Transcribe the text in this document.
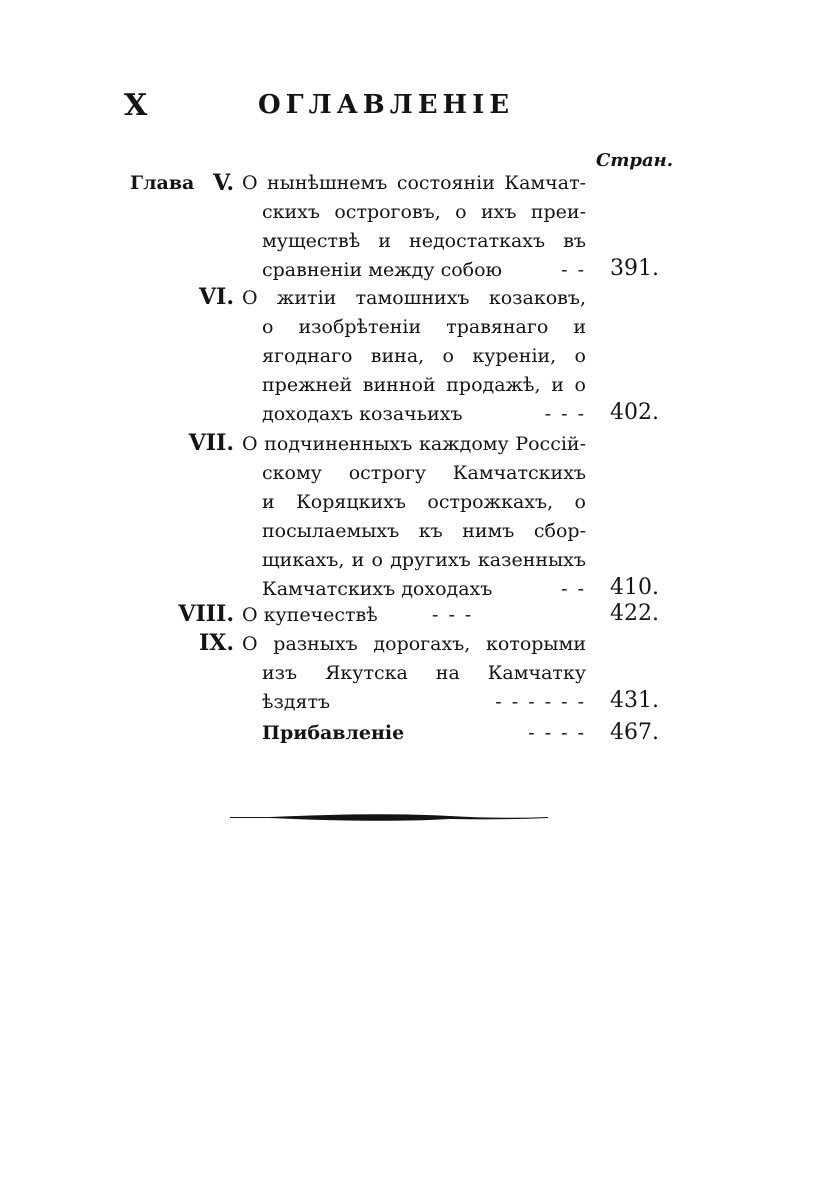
X	ОГЛАВЛЕНІЕ
Стран.
Глава V. О нынѣшнемъ состояніи Камчат-
скихъ остроговъ, о ихъ преи-
муществѣ и недостаткахъ въ
сравненіи между собою	- - 391.
VI. О житіи тамошнихъ козаковъ,
о изобрѣтеніи травянаго и
ягоднаго вина, о куреніи, о
прежней винной продажѣ, и о
доходахъ козачьихъ	- - - 402.
VII. О подчиненныхъ каждому Россій-
скому острогу Камчатскихъ
и Коряцкихъ острожкахъ, о
посылаемыхъ къ нимъ сбор-
щикахъ, и о другихъ казенныхъ
Камчатскихъ доходахъ	- - 410.
VIII. О купечествѣ	- - -	422.
IX. О разныхъ дорогахъ, которыми
изъ Якутска на Камчатку
ѣздятъ	- - - - - - 431.
Прибавленіе	- - - - 467.
